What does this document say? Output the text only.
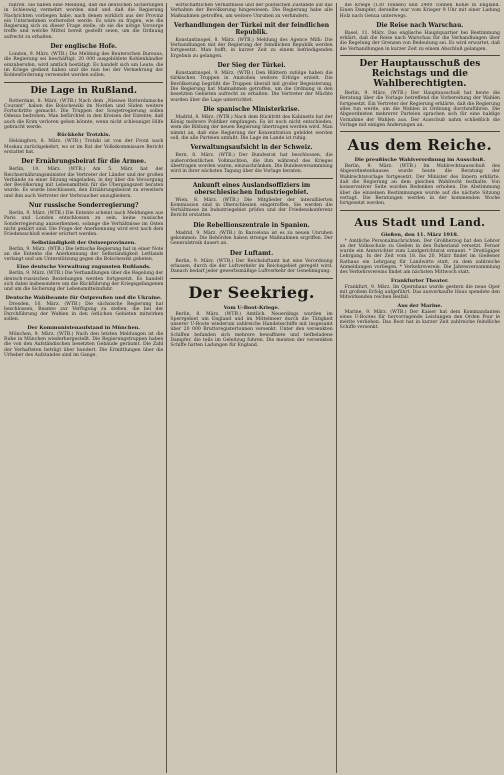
führen. Sie haben eine Meldung, daß die deutschen Sicherungen in Schleswig vermehrt worden sind und daß die Regierung Nachrichten vorliegen habe, nach denen wirklich aus der Provinz ein Unternehmen vorbereitet werde. Es wäre zu fragen, wie die Regierung sich zu dieser Frage stelle, ob sie die nötige Vorsorge treffe und welche Mittel bereit gestellt seien, um die Ordnung aufrecht zu erhalten.

Der englische Hofe.

London, 9. März. (WTB.) Die Meldung des Reuterschen Bureaus, die Regierung sei beschäftigt, 20 000 ausgebildete Kohlenhändler einzuberufen, wird amtlich bestätigt. Es handelt sich um Leute, die im Kriege gedient haben und die nun bei der Vermehrung der Kohlenförderung verwendet werden sollen.

Die Lage in Rußland.

Rotterdam, 8. März. (WTB.) Nach dem „Nieuwe Rotterdamsche Courant“ haben die Bolschewiki im Norden und Süden weitere Fortschritte gemacht. Die Truppen der Sowjetregierung sollen Odessa bedrohen. Man befürchtet in den Kreisen der Entente, daß auch die Krim verloren gehen könnte, wenn nicht schleunigst Hilfe gebracht werde.

Rückkehr Trotzkis.

Helsingfors, 8. März. (WTB.) Trotzki ist von der Front nach Moskau zurückgekehrt, wo er im Rat der Volkskommissare Bericht erstattet hat.

Der Ernährungsbeirat für die Armee.

Berlin, 10. März. (WTB.) Am 5. März hat der Reichsernährungsminister die Vertreter der Länder und der großen Verbände zu einer Sitzung eingeladen, in der über die Versorgung der Bevölkerung mit Lebensmitteln für die Übergangszeit beraten wurde. Es wurde beschlossen, den Ernährungsbeirat zu erweitern und ihm auch Vertreter der Verbraucher anzugliedern.

Nur russische Sonderregierung?

Berlin, 9. März. (WTB.) Die Entente scheint nach Meldungen aus Paris und London entschlossen zu sein, keine russische Sonderregierung anzuerkennen, solange die Verhältnisse im Osten nicht geklärt sind. Die Frage der Anerkennung wird erst nach dem Friedensschluß wieder erörtert werden.

Selbständigkeit der Ostseeprovinzen.

Berlin, 9. März. (WTB.) Die lettische Regierung hat in einer Note an die Entente die Anerkennung der Selbständigkeit Lettlands verlangt und um Unterstützung gegen die Bolschewiki gebeten.

Eine deutsche Verwaltung zugunsten Rußlands.

Berlin, 9. März. (WTB.) Die Verhandlungen über die Regelung der deutsch-russischen Beziehungen werden fortgesetzt. Es handelt sich dabei insbesondere um die Rückführung der Kriegsgefangenen und um die Sicherung der Lebensmittelzufuhr.

Deutsche Wahlbeamte für Ostpreußen und die Ukraine.

Dresden, 10. März. (WTB.) Die sächsische Regierung hat beschlossen, Beamte zur Verfügung zu stellen, die bei der Durchführung der Wahlen in den östlichen Gebieten mitwirken sollen.

Der Kommunistenaufstand in München.

München, 9. März. (WTB.) Nach den letzten Meldungen ist die Ruhe in München wiederhergestellt. Die Regierungstruppen haben die von den Aufständischen besetzten Gebäude geräumt. Die Zahl der Verhafteten beträgt über hundert. Die Ermittlungen über die Urheber des Aufstandes sind im Gange.

wirtschaftlichen Verhältnisse und der politischen Zustände auf das Verhalten der Bevölkerung hingewiesen. Die Regierung habe alle Maßnahmen getroffen, um weitere Unruhen zu verhindern.

Verhandlungen der Türkei mit der feindlichen Republik.

Konstantinopel, 8. März. (WTB.) Meldung des Agence Milli: Die Verhandlungen mit der Regierung der feindlichen Republik werden fortgesetzt. Man hofft, in kurzer Zeit zu einem befriedigenden Ergebnis zu gelangen.

Der Sieg der Türkei.

Konstantinopel, 9. März. (WTB.) Den Blättern zufolge haben die türkischen Truppen in Anatolien weitere Erfolge erzielt. Die Bevölkerung begrüßt die Truppen überall mit großer Begeisterung. Die Regierung hat Maßnahmen getroffen, um die Ordnung in den besetzten Gebieten aufrecht zu erhalten. Die Vertreter der Mächte wurden über die Lage unterrichtet.

Die spanische Ministerkrise.

Madrid, 8. März. (WTB.) Nach dem Rücktritt des Kabinetts hat der König mehrere Politiker empfangen. Es ist noch nicht entschieden, wem die Bildung der neuen Regierung übertragen werden wird. Man nimmt an, daß eine Regierung der Konzentration gebildet werden soll, die alle Parteien umfaßt. Die Lage im Lande ist ruhig.

Verwaltungsaufsicht in der Schweiz.

Bern, 8. März. (WTB.) Der Bundesrat hat beschlossen, die außerordentlichen Vollmachten, die ihm während des Krieges übertragen worden waren, einzuschränken. Die Bundesversammlung wird in ihrer nächsten Tagung über die Vorlage beraten.

Ankunft eines Auslandsoffiziers im oberschlesischen Industriegebiet.

Wien, 8. März. (WTB.) Die Mitglieder der interalliierten Kommission sind in Oberschlesien eingetroffen. Sie werden die Verhältnisse im Industriegebiet prüfen und der Friedenskonferenz Bericht erstatten.

Die Rebellionszentrale in Spanien.

Madrid, 9. März. (WTB.) In Barcelona ist es zu neuen Unruhen gekommen. Die Behörden haben strenge Maßnahmen ergriffen. Der Generalstreik dauert an.

Der Luftamt.

Berlin, 9. März. (WTB.) Der Reichsluftamt hat eine Verordnung erlassen, durch die der Luftverkehr im Reichsgebiet geregelt wird. Danach bedarf jeder gewerbsmäßige Luftverkehr der Genehmigung.

Der Seekrieg.
Vom U-Boot-Kriege.

Berlin, 8. März. (WTB.) Amtlich. Neuerdings wurden im Sperrgebiet um England und im Mittelmeer durch die Tätigkeit unserer U-Boote wiederum zahlreiche Handelsschiffe mit insgesamt über 20 000 Bruttoregistertonnen versenkt. Unter den versenkten Schiffen befanden sich mehrere bewaffnete und tiefbeladene Dampfer, die teils im Geleitzug fuhren. Die meisten der versenkten Schiffe hatten Ladungen für England.

die Kriege (130 Tonnen) und 2400 Tonnen Kohle in England. Einen Dampfer, derselbe war vom Krieger 9 Uhr mit einer Ladung Holz nach Genua unterwegs.

Die Reise nach Warschau.

Basel, 11. März. Das englische Hauptquartier bei Bestimmung erklärt, daß die Reise nach Warschau für die Verhandlungen über die Regelung der Grenzen von Bedeutung sei. Es wird erwartet, daß die Verhandlungen in kurzer Zeit zu einem Abschluß gelangen.

Der Hauptausschuß des Reichstags und die Wahlberechtigten.

Berlin, 9. März. (WTB.) Der Hauptausschuß hat heute die Beratung über die Vorlage betreffend die Vorbereitung der Wahlen fortgesetzt. Ein Vertreter der Regierung erklärte, daß die Regierung alles tun werde, um die Wahlen in Ordnung durchzuführen. Die Abgeordneten mehrerer Parteien sprachen sich für eine baldige Vornahme der Wahlen aus. Der Ausschuß nahm schließlich die Vorlage mit einigen Änderungen an.

Aus dem Reiche.
Die preußische Wahlverordnung im Ausschuß.

Berlin, 9. März. (WTB.) Im Wahlrechtsausschuß des Abgeordnetenhauses wurde heute die Beratung der Wahlrechtsvorlage fortgesetzt. Der Minister des Innern erklärte, daß die Regierung an dem gleichen Wahlrecht festhalte. Von konservativer Seite wurden Bedenken erhoben. Die Abstimmung über die einzelnen Bestimmungen wurde auf die nächste Sitzung vertagt. Die Beratungen werden in der kommenden Woche fortgesetzt werden.

Aus Stadt und Land.
Gießen, den 11. März 1918.

* Amtliche Personalnachrichten. Der Großherzog hat den Lehrer an der Volksschule zu Gießen in den Ruhestand versetzt. Ferner wurde ein Amtsrichter zum Landgerichtsrat ernannt. * Dreitägiger Lehrgang. In der Zeit vom 18. bis 20. März findet im Gießener Rathaus ein Lehrgang für Landwirte statt, zu dem zahlreiche Anmeldungen vorliegen. * Verkehrsverein. Die Jahresversammlung des Verkehrsvereins findet am nächsten Mittwoch statt.

Frankfurter Theater.

Frankfurt, 9. März. Im Opernhaus wurde gestern die neue Oper mit großem Erfolg aufgeführt. Das ausverkaufte Haus spendete den Mitwirkenden reichen Beifall.

Aus der Marine.

Marine, 9. März. (WTB.) Der Kaiser hat dem Kommandanten eines U-Bootes für hervorragende Leistungen den Orden Pour le mérite verliehen. Das Boot hat in kurzer Zeit zahlreiche feindliche Schiffe versenkt.
